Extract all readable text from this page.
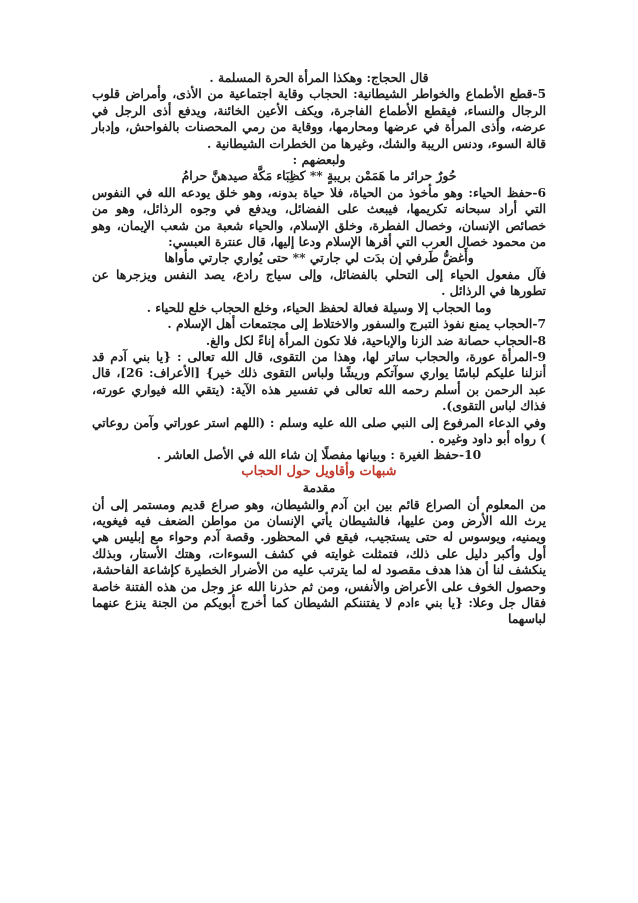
قال الحجاج: وهكذا المرأة الحرة المسلمة .

5-قطع الأطماع والخواطر الشيطانية: الحجاب وقاية اجتماعية من الأذى، وأمراض قلوب الرجال والنساء، فيقطع الأطماع الفاجرة، ويكف الأعين الخائنة، ويدفع أذى الرجل في عرضه، وأذى المرأة في عرضها ومحارمها، ووقاية من رمي المحصنات بالفواحش، وإدبار قالة السوء، ودنس الريبة والشك، وغيرها من الخطرات الشيطانية .

ولبعضهم :

حُورٌ حرائر ما هَمَمْن بريبةٍ ** كظِبَاء مَكَّة صيدهنَّ حرامُ

6-حفظ الحياء: وهو مأخوذ من الحياة، فلا حياة بدونه، وهو خلق يودعه الله في النفوس التي أراد سبحانه تكريمها، فيبعث على الفضائل، ويدفع في وجوه الرذائل، وهو من خصائص الإنسان، وخصال الفطرة، وخلق الإسلام، والحياء شعبة من شعب الإيمان، وهو من محمود خصال العرب التي أقرها الإسلام ودعا إليها، قال عنترة العبسي:

وأَغضُّ طَرفي إن بدَت لي جارتي ** حتى يُواري جارتي مأواها

فآل مفعول الحياء إلى التحلي بالفضائل، وإلى سياج رادع، يصد النفس ويزجرها عن تطورها في الرذائل .

وما الحجاب إلا وسيلة فعالة لحفظ الحياء، وخلع الحجاب خلع للحياء .

7-الحجاب يمنع نفوذ التبرج والسفور والاختلاط إلى مجتمعات أهل الإسلام .

8-الحجاب حصانة ضد الزنا والإباحية، فلا تكون المرأة إناءً لكل والغ.

9-المرأة عورة، والحجاب ساتر لها، وهذا من التقوى، قال الله تعالى : {يا بني آدم قد أنزلنا عليكم لباسًا يواري سوآتكم وريشًا ولباس التقوى ذلك خير} [الأعراف: 26]، قال عبد الرحمن بن أسلم رحمه الله تعالى في تفسير هذه الآية: (يتقي الله فيواري عورته، فذاك لباس التقوى).

وفي الدعاء المرفوع إلى النبي صلى الله عليه وسلم : (اللهم استر عوراتي وآمن روعاتي ) رواه أبو داود وغيره .

10-حفظ الغيرة : وبيانها مفصلًا إن شاء الله في الأصل العاشر .

شبهات وأقاويل حول الحجاب

مقدمة

من المعلوم أن الصراع قائم بين ابن آدم والشيطان، وهو صراع قديم ومستمر إلى أن يرث الله الأرض ومن عليها، فالشيطان يأتي الإنسان من مواطن الضعف فيه فيغويه، ويمنيه، ويوسوس له حتى يستجيب، فيقع في المحظور. وقصة آدم وحواء مع إبليس هي أول وأكبر دليل على ذلك، فتمثلت غوايته في كشف السوءات، وهتك الأستار، وبذلك ينكشف لنا أن هذا هدف مقصود له لما يترتب عليه من الأضرار الخطيرة كإشاعة الفاحشة، وحصول الخوف على الأعراض والأنفس، ومن ثم حذرنا الله عز وجل من هذه الفتنة خاصة فقال جل وعلا: {يا بني ءادم لا يفتننكم الشيطان كما أخرج أبويكم من الجنة ينزع عنهما لباسهما
